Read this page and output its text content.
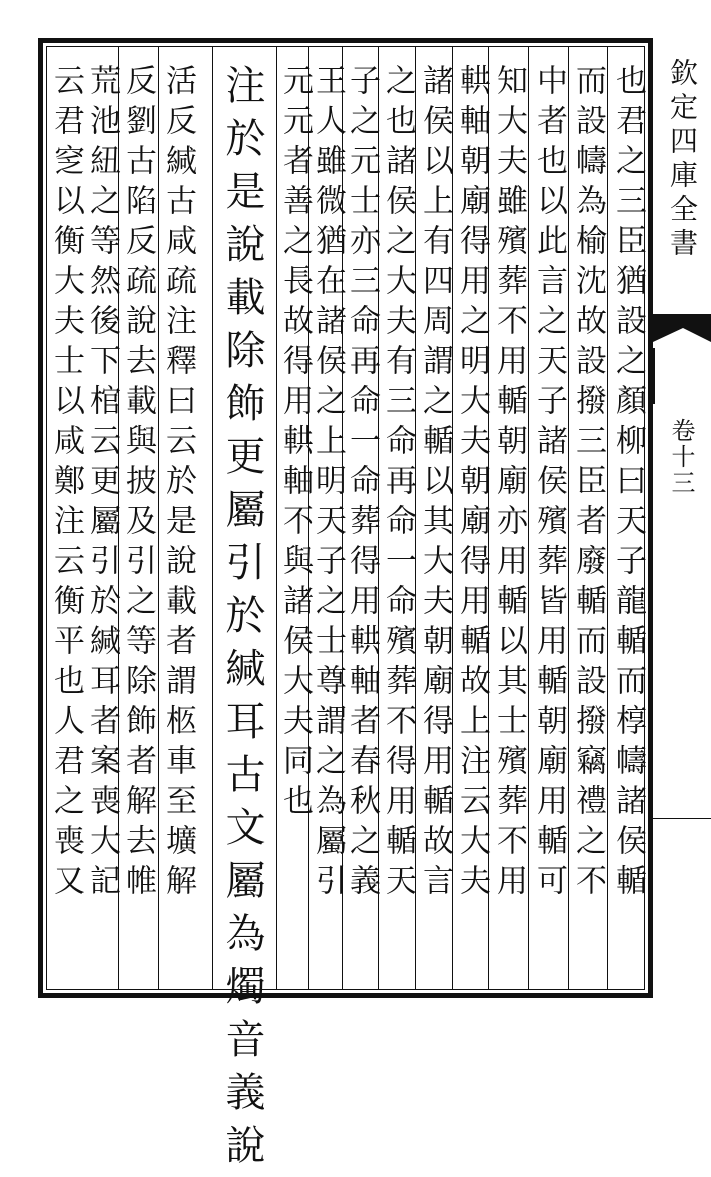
也君之三臣猶設之顏柳曰天子龍輴而椁幬諸侯輴
而設幬為榆沈故設撥三臣者廢輴而設撥竊禮之不
中者也以此言之天子諸侯殯葬皆用輴朝廟用輴可
知大夫雖殯葬不用輴朝廟亦用輴以其士殯葬不用
輁軸朝廟得用之明大夫朝廟得用輴故上注云大夫
諸侯以上有四周謂之輴以其大夫朝廟得用輴故言
之也諸侯之大夫有三命再命一命殯葬不得用輴天
子之元士亦三命再命一命葬得用輁軸者春秋之義
王人雖微猶在諸侯之上明天子之士尊謂之為屬引
元元者善之長故得用輁軸不與諸侯大夫同也
注於是說載除飾更屬引於緘耳古文屬為燭音義說
活反緘古咸疏注釋曰云於是說載者謂柩車至壙解
反劉古陷反疏說去載與披及引之等除飾者解去帷
荒池紐之等然後下棺云更屬引於緘耳者案喪大記
云君窆以衡大夫士以咸鄭注云衡平也人君之喪又	欽定四庫全書
卷十三
